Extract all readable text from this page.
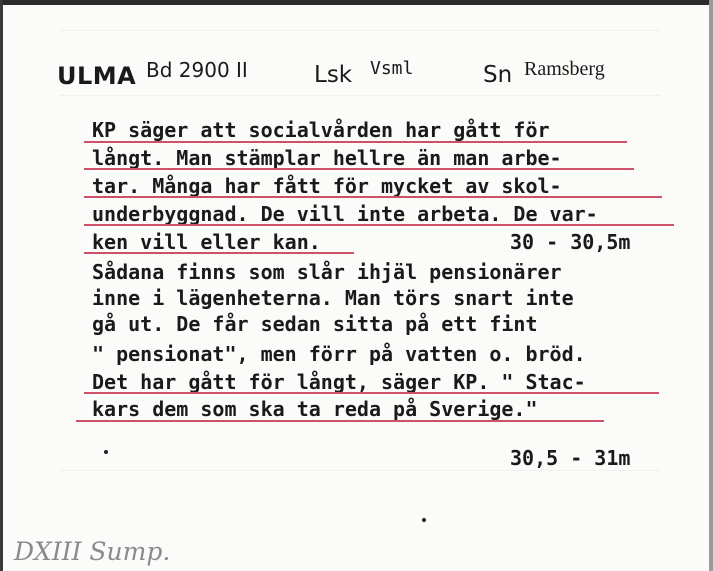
ULMA Bd 2900 II	Lsk Vsml	Sn Ramsberg
KP säger att socialvården har gått för
långt. Man stämplar hellre än man arbe-
tar. Många har fått för mycket av skol-
underbyggnad. De vill inte arbeta. De var-
ken vill eller kan.	30 - 30,5m
Sådana finns som slår ihjäl pensionärer
inne i lägenheterna. Man törs snart inte
gå ut. De får sedan sitta på ett fint
" pensionat", men förr på vatten o. bröd.
Det har gått för långt, säger KP. " Stac-
kars dem som ska ta reda på Sverige."
30,5 - 31m
DXIII Sump.
